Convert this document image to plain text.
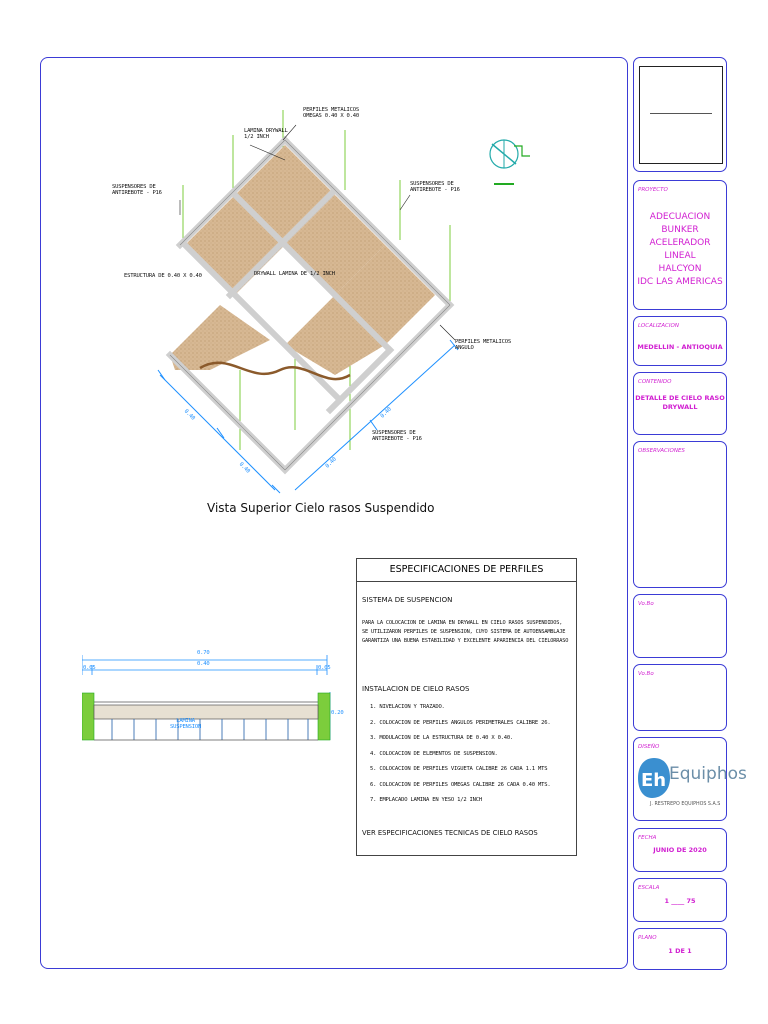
PERFILES METALICOS
OMEGAS 0.40 X 0.40
LAMINA DRYWALL
1/2 INCH
SUSPENSORES DE
ANTIREBOTE - P16
SUSPENSORES DE
ANTIREBOTE - P16
ESTRUCTURA DE 0.40 X 0.40	DRYWALL LAMINA DE 1/2 INCH
PERFILES METALICOS
ANGULO
SUSPENSORES DE
ANTIREBOTE - P16
0.40
0.40
0.40
0.40
Vista Superior Cielo rasos Suspendido
0.70
0.40
0.05	0.05
0.20
LAMINA
SUSPENSION
ESPECIFICACIONES DE PERFILES
SISTEMA DE SUSPENCION
PARA LA COLOCACION DE LAMINA EN DRYWALL EN CIELO RASOS SUSPENDIDOS,
SE UTILIZARON PERFILES DE SUSPENSION, CUYO SISTEMA DE AUTOENSAMBLAJE
GARANTIZA UNA BUENA ESTABILIDAD Y EXCELENTE APARIENCIA DEL CIELORRASO
INSTALACION DE CIELO RASOS
1. NIVELACION Y TRAZADO.
2. COLOCACION DE PERFILES ANGULOS PERIMETRALES CALIBRE 26.
3. MODULACION DE LA ESTRUCTURA DE 0.40 X 0.40.
4. COLOCACION DE ELEMENTOS DE SUSPENSION.
5. COLOCACION DE PERFILES VIGUETA CALIBRE 26 CADA 1.1 MTS
6. COLOCACION DE PERFILES OMEGAS CALIBRE 26 CADA 0.40 MTS.
7. EMPLACADO LAMINA EN YESO 1/2 INCH
VER ESPECIFICACIONES TECNICAS DE CIELO RASOS
PROYECTO
ADECUACION BUNKER
ACELERADOR LINEAL
HALCYON
IDC LAS AMERICAS
LOCALIZACION
MEDELLIN - ANTIOQUIA
CONTENIDO
DETALLE DE CIELO RASO
DRYWALL
OBSERVACIONES
Vo.Bo
Vo.Bo
DISEÑO
Eh Equiphos
J. RESTREPO EQUIPHOS S.A.S
FECHA
JUNIO DE 2020
ESCALA
1 ____ 75
PLANO
1 DE 1
